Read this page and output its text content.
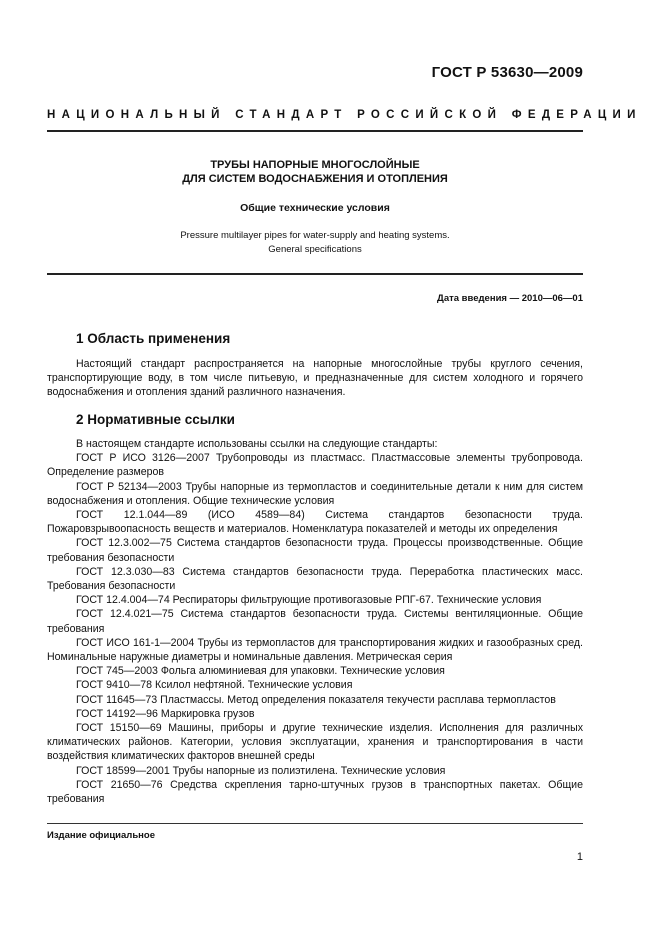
ГОСТ Р 53630—2009
НАЦИОНАЛЬНЫЙ СТАНДАРТ РОССИЙСКОЙ ФЕДЕРАЦИИ
ТРУБЫ НАПОРНЫЕ МНОГОСЛОЙНЫЕ
ДЛЯ СИСТЕМ ВОДОСНАБЖЕНИЯ И ОТОПЛЕНИЯ
Общие технические условия
Pressure multilayer pipes for water-supply and heating systems.
General specifications
Дата введения — 2010—06—01
1 Область применения

Настоящий стандарт распространяется на напорные многослойные трубы круглого сечения, транспортирующие воду, в том числе питьевую, и предназначенные для систем холодного и горячего водоснабжения и отопления зданий различного назначения.

2 Нормативные ссылки

В настоящем стандарте использованы ссылки на следующие стандарты:

ГОСТ Р ИСО 3126—2007 Трубопроводы из пластмасс. Пластмассовые элементы трубопровода. Определение размеров

ГОСТ Р 52134—2003 Трубы напорные из термопластов и соединительные детали к ним для систем водоснабжения и отопления. Общие технические условия

ГОСТ 12.1.044—89 (ИСО 4589—84) Система стандартов безопасности труда. Пожаровзрывоопасность веществ и материалов. Номенклатура показателей и методы их определения

ГОСТ 12.3.002—75 Система стандартов безопасности труда. Процессы производственные. Общие требования безопасности

ГОСТ 12.3.030—83 Система стандартов безопасности труда. Переработка пластических масс. Требования безопасности

ГОСТ 12.4.004—74 Респираторы фильтрующие противогазовые РПГ-67. Технические условия

ГОСТ 12.4.021—75 Система стандартов безопасности труда. Системы вентиляционные. Общие требования

ГОСТ ИСО 161-1—2004 Трубы из термопластов для транспортирования жидких и газообразных сред. Номинальные наружные диаметры и номинальные давления. Метрическая серия

ГОСТ 745—2003 Фольга алюминиевая для упаковки. Технические условия

ГОСТ 9410—78 Ксилол нефтяной. Технические условия

ГОСТ 11645—73 Пластмассы. Метод определения показателя текучести расплава термопластов

ГОСТ 14192—96 Маркировка грузов

ГОСТ 15150—69 Машины, приборы и другие технические изделия. Исполнения для различных климатических районов. Категории, условия эксплуатации, хранения и транспортирования в части воздействия климатических факторов внешней среды

ГОСТ 18599—2001 Трубы напорные из полиэтилена. Технические условия

ГОСТ 21650—76 Средства скрепления тарно-штучных грузов в транспортных пакетах. Общие требования

Издание официальное
1
